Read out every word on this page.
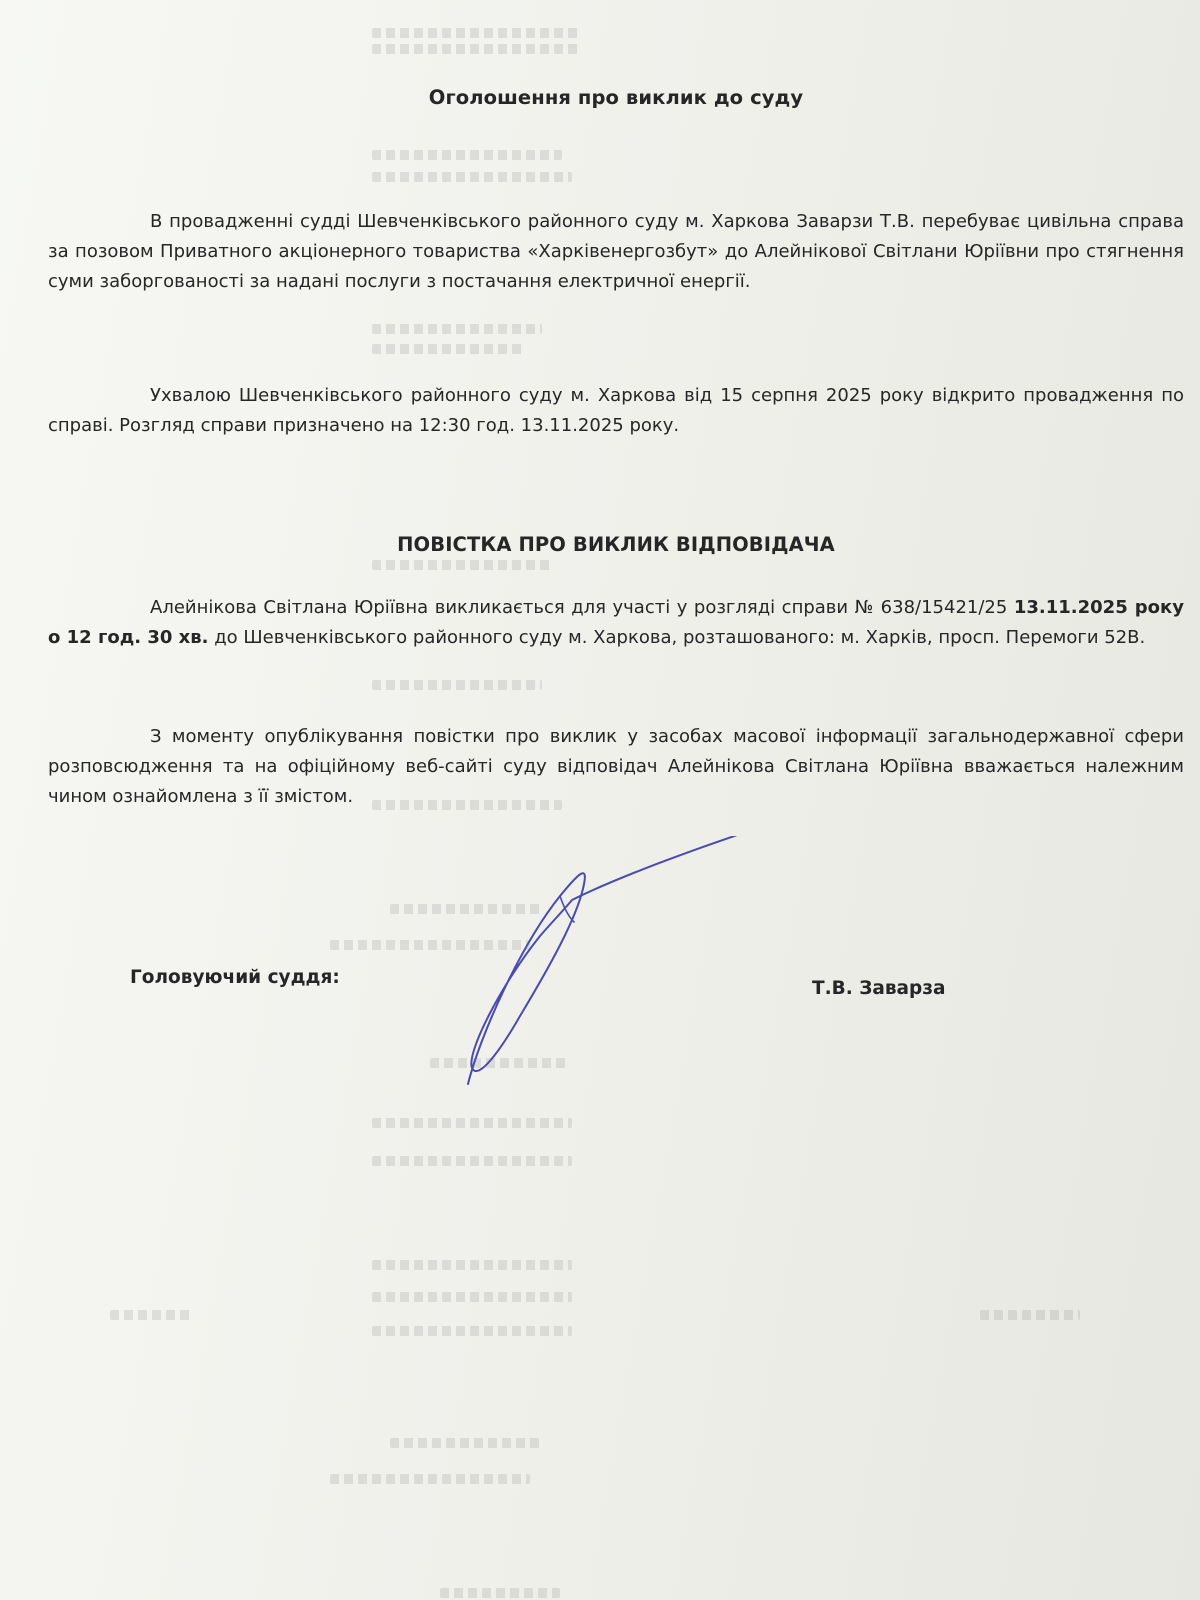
Оголошення про виклик до суду

В провадженні судді Шевченківського районного суду м. Харкова Заварзи Т.В. перебуває цивільна справа за позовом Приватного акціонерного товариства «Харківенергозбут» до Алейнікової Світлани Юріївни про стягнення суми заборгованості за надані послуги з постачання електричної енергії.

Ухвалою Шевченківського районного суду м. Харкова від 15 серпня 2025 року відкрито провадження по справі. Розгляд справи призначено на 12:30 год. 13.11.2025 року.

ПОВІСТКА ПРО ВИКЛИК ВІДПОВІДАЧА

Алейнікова Світлана Юріївна викликається для участі у розгляді справи № 638/15421/25 13.11.2025 року о 12 год. 30 хв. до Шевченківського районного суду м. Харкова, розташованого: м. Харків, просп. Перемоги 52В.

З моменту опублікування повістки про виклик у засобах масової інформації загальнодержавної сфери розповсюдження та на офіційному веб-сайті суду відповідач Алейнікова Світлана Юріївна вважається належним чином ознайомлена з її змістом.

Головуючий суддя:
Т.В. Заварза
